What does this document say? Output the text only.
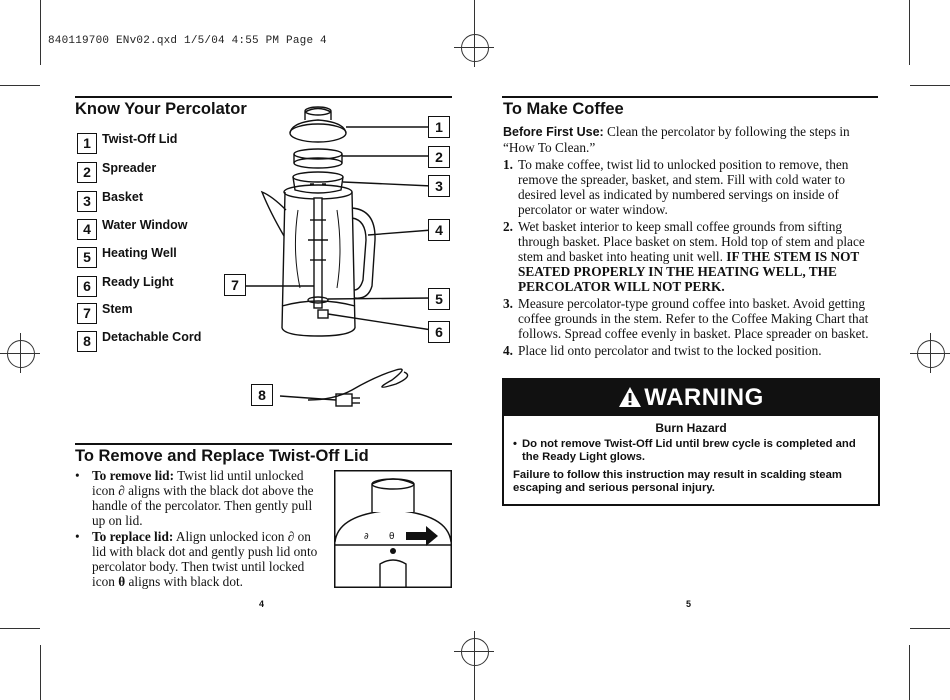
840119700 ENv02.qxd 1/5/04 4:55 PM Page 4
Know Your Percolator
1 Twist-Off Lid
2 Spreader
3 Basket
4 Water Window
5 Heating Well
6 Ready Light
7 Stem
8 Detachable Cord
1
2
3
4
5
6
7
8
To Remove and Replace Twist-Off Lid

• To remove lid: Twist lid until unlocked icon ∂ aligns with the black dot above the handle of the percolator. Then gently pull up on lid.

• To replace lid: Align unlocked icon ∂ on lid with black dot and gently push lid onto percolator body. Then twist until locked icon θ aligns with black dot.

∂ θ
4
To Make Coffee

Before First Use: Clean the percolator by following the steps in “How To Clean.”

1. To make coffee, twist lid to unlocked position to remove, then remove the spreader, basket, and stem. Fill with cold water to desired level as indicated by numbered servings on inside of percolator or water window.

2. Wet basket interior to keep small coffee grounds from sifting through basket. Place basket on stem. Hold top of stem and place stem and basket into heating unit well. IF THE STEM IS NOT SEATED PROPERLY IN THE HEATING WELL, THE PERCOLATOR WILL NOT PERK.

3. Measure percolator-type ground coffee into basket. Avoid getting coffee grounds in the stem. Refer to the Coffee Making Chart that follows. Spread coffee evenly in basket. Place spreader on basket.

4. Place lid onto percolator and twist to the locked position.

WARNING
Burn Hazard
• Do not remove Twist-Off Lid until brew cycle is completed and the Ready Light glows.
Failure to follow this instruction may result in scalding steam escaping and serious personal injury.
5
